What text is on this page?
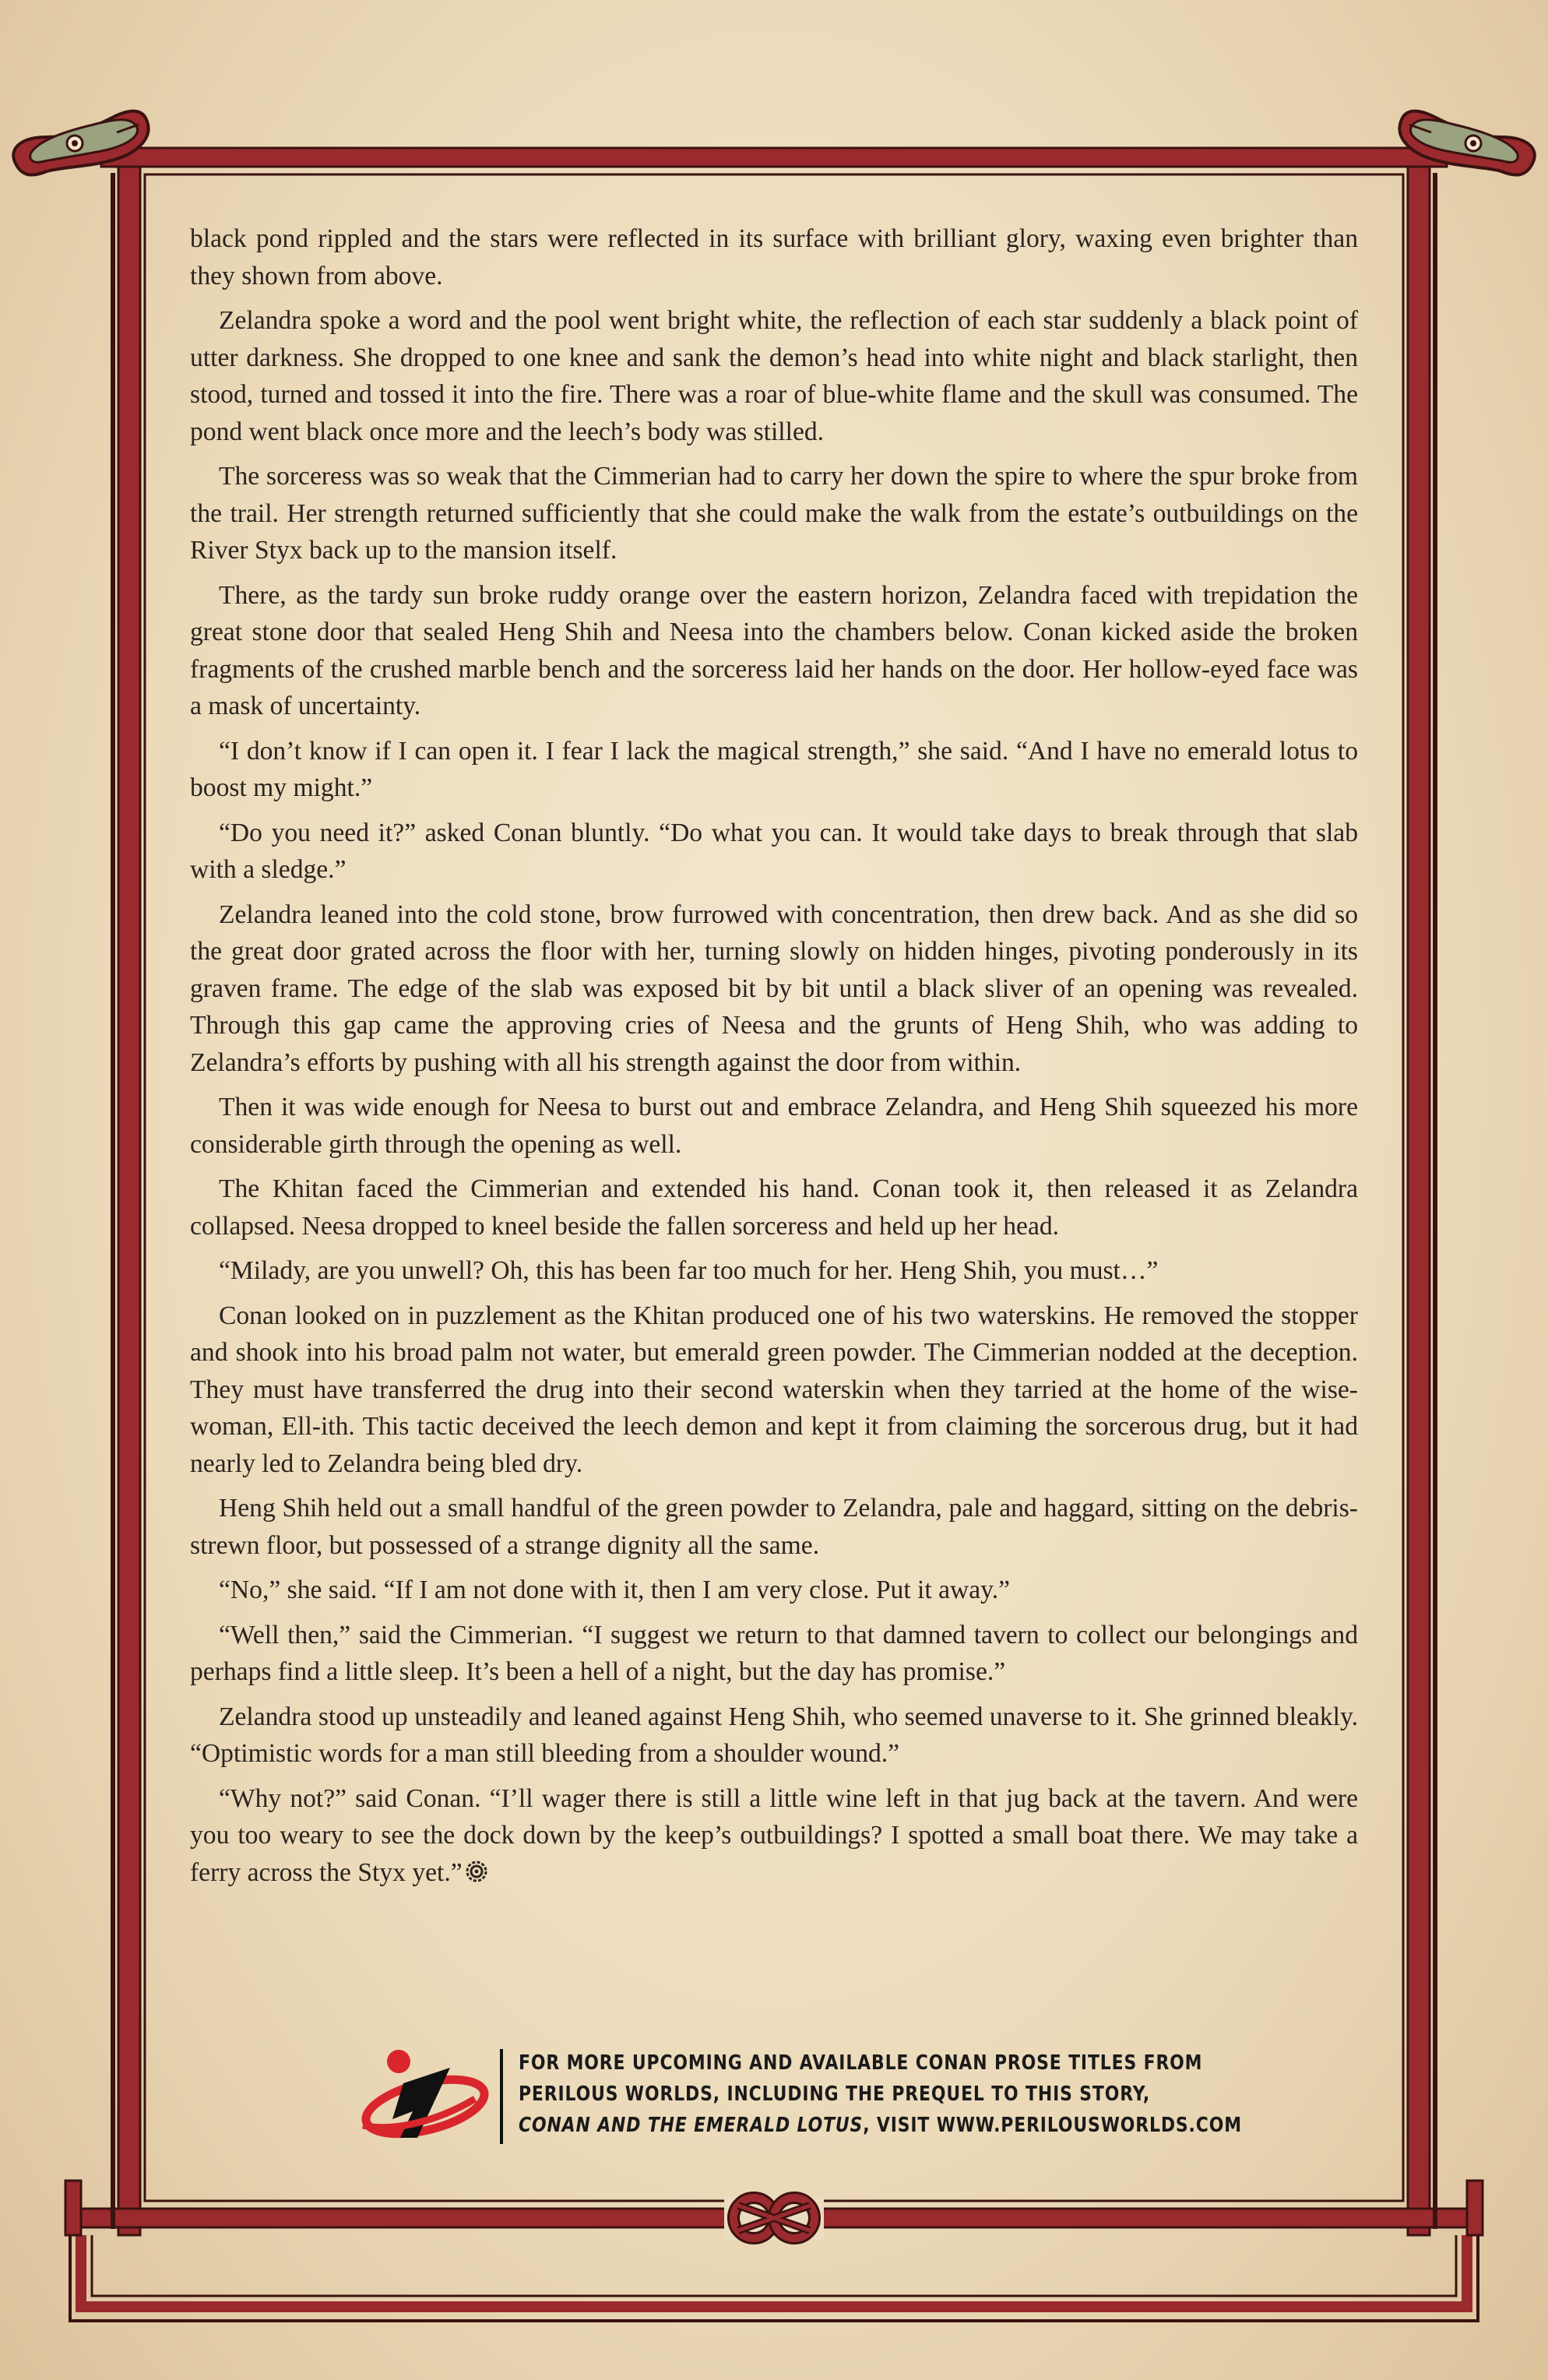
black pond rippled and the stars were reflected in its surface with brilliant glory, waxing even brighter than they shown from above.

Zelandra spoke a word and the pool went bright white, the reflection of each star suddenly a black point of utter darkness. She dropped to one knee and sank the demon’s head into white night and black starlight, then stood, turned and tossed it into the fire. There was a roar of blue-white flame and the skull was consumed. The pond went black once more and the leech’s body was stilled.

The sorceress was so weak that the Cimmerian had to carry her down the spire to where the spur broke from the trail. Her strength returned sufficiently that she could make the walk from the estate’s outbuildings on the River Styx back up to the mansion itself.

There, as the tardy sun broke ruddy orange over the eastern horizon, Zelandra faced with trepidation the great stone door that sealed Heng Shih and Neesa into the chambers below. Conan kicked aside the broken fragments of the crushed marble bench and the sorceress laid her hands on the door. Her hollow-eyed face was a mask of uncertainty.

“I don’t know if I can open it. I fear I lack the magical strength,” she said. “And I have no emerald lotus to boost my might.”

“Do you need it?” asked Conan bluntly. “Do what you can. It would take days to break through that slab with a sledge.”

Zelandra leaned into the cold stone, brow furrowed with concentration, then drew back. And as she did so the great door grated across the floor with her, turning slowly on hidden hinges, pivoting ponderously in its graven frame. The edge of the slab was exposed bit by bit until a black sliver of an opening was revealed. Through this gap came the approving cries of Neesa and the grunts of Heng Shih, who was adding to Zelandra’s efforts by pushing with all his strength against the door from within.

Then it was wide enough for Neesa to burst out and embrace Zelandra, and Heng Shih squeezed his more considerable girth through the opening as well.

The Khitan faced the Cimmerian and extended his hand. Conan took it, then released it as Zelandra collapsed. Neesa dropped to kneel beside the fallen sorceress and held up her head.

“Milady, are you unwell? Oh, this has been far too much for her. Heng Shih, you must…”

Conan looked on in puzzlement as the Khitan produced one of his two waterskins. He removed the stopper and shook into his broad palm not water, but emerald green powder. The Cimmerian nodded at the deception. They must have transferred the drug into their second waterskin when they tarried at the home of the wise-woman, Ell-ith. This tactic deceived the leech demon and kept it from claiming the sorcerous drug, but it had nearly led to Zelandra being bled dry.

Heng Shih held out a small handful of the green powder to Zelandra, pale and haggard, sitting on the debris-strewn floor, but possessed of a strange dignity all the same.

“No,” she said. “If I am not done with it, then I am very close. Put it away.”

“Well then,” said the Cimmerian. “I suggest we return to that damned tavern to collect our belongings and perhaps find a little sleep. It’s been a hell of a night, but the day has promise.”

Zelandra stood up unsteadily and leaned against Heng Shih, who seemed unaverse to it. She grinned bleakly. “Optimistic words for a man still bleeding from a shoulder wound.”

“Why not?” said Conan. “I’ll wager there is still a little wine left in that jug back at the tavern. And were you too weary to see the dock down by the keep’s outbuildings? I spotted a small boat there. We may take a ferry across the Styx yet.”

FOR MORE UPCOMING AND AVAILABLE CONAN PROSE TITLES FROM
PERILOUS WORLDS, INCLUDING THE PREQUEL TO THIS STORY,
CONAN AND THE EMERALD LOTUS, VISIT WWW.PERILOUSWORLDS.COM
